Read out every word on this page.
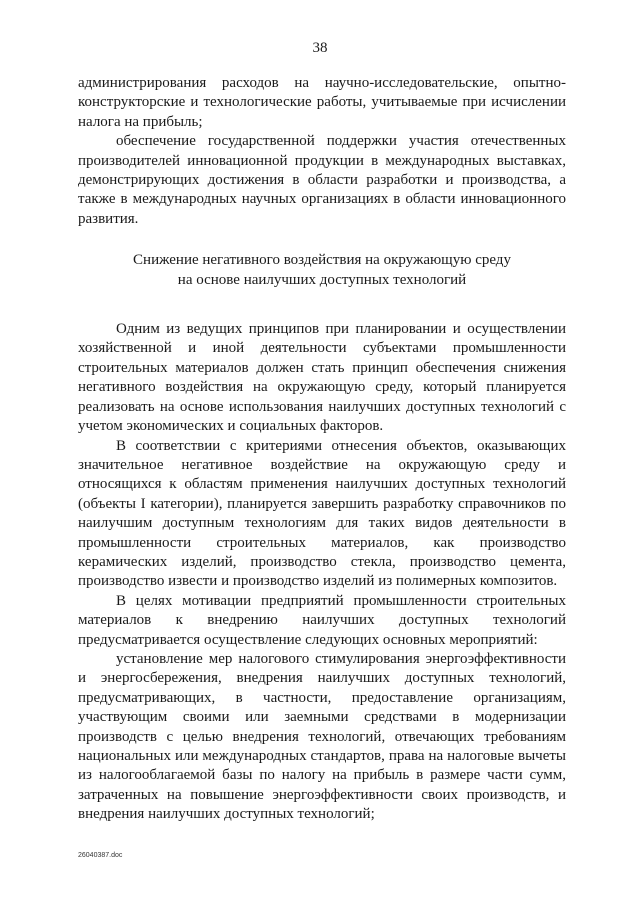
38

администрирования расходов на научно-исследовательские, опытно-конструкторские и технологические работы, учитываемые при исчислении налога на прибыль;

обеспечение государственной поддержки участия отечественных производителей инновационной продукции в международных выставках, демонстрирующих достижения в области разработки и производства, а также в международных научных организациях в области инновационного развития.

Снижение негативного воздействия на окружающую среду
на основе наилучших доступных технологий

Одним из ведущих принципов при планировании и осуществлении хозяйственной и иной деятельности субъектами промышленности строительных материалов должен стать принцип обеспечения снижения негативного воздействия на окружающую среду, который планируется реализовать на основе использования наилучших доступных технологий с учетом экономических и социальных факторов.

В соответствии с критериями отнесения объектов, оказывающих значительное негативное воздействие на окружающую среду и относящихся к областям применения наилучших доступных технологий (объекты I категории), планируется завершить разработку справочников по наилучшим доступным технологиям для таких видов деятельности в промышленности строительных материалов, как производство керамических изделий, производство стекла, производство цемента, производство извести и производство изделий из полимерных композитов.

В целях мотивации предприятий промышленности строительных материалов к внедрению наилучших доступных технологий предусматривается осуществление следующих основных мероприятий:

установление мер налогового стимулирования энергоэффективности и энергосбережения, внедрения наилучших доступных технологий, предусматривающих, в частности, предоставление организациям, участвующим своими или заемными средствами в модернизации производств с целью внедрения технологий, отвечающих требованиям национальных или международных стандартов, права на налоговые вычеты из налогооблагаемой базы по налогу на прибыль в размере части сумм, затраченных на повышение энергоэффективности своих производств, и внедрения наилучших доступных технологий;

26040387.doc
